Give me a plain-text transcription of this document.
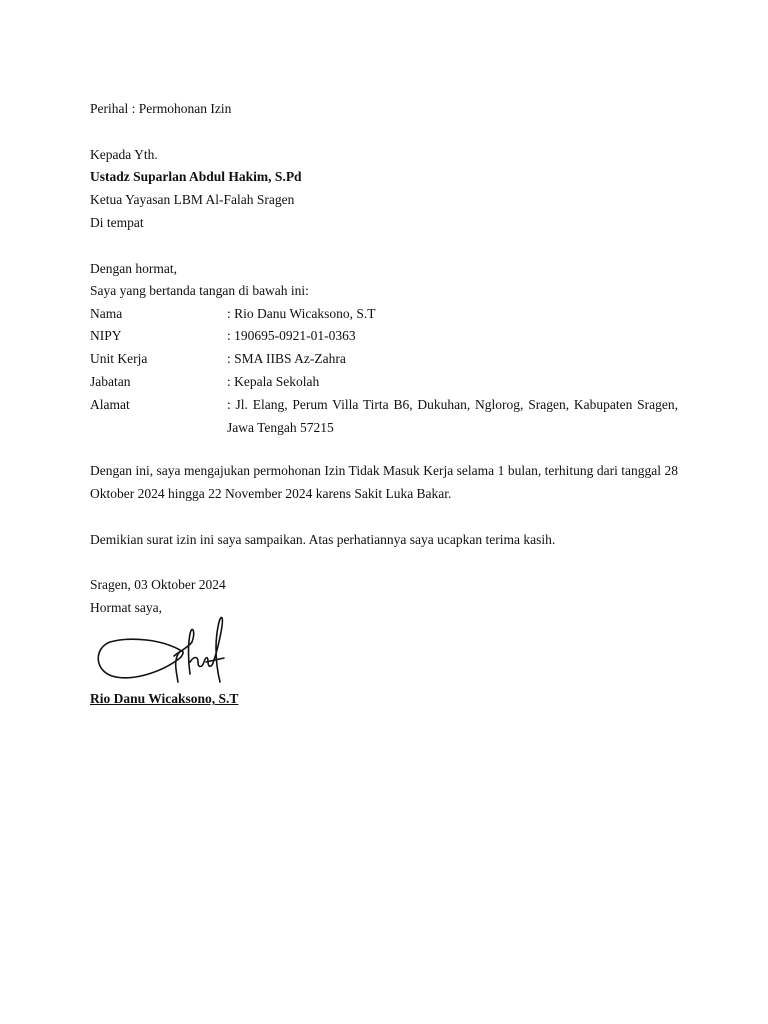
Perihal : Permohonan Izin
Kepada Yth.
Ustadz Suparlan Abdul Hakim, S.Pd
Ketua Yayasan LBM Al-Falah Sragen
Di tempat
Dengan hormat,
Saya yang bertanda tangan di bawah ini:
Nama	: Rio Danu Wicaksono, S.T
NIPY	: 190695-0921-01-0363
Unit Kerja	: SMA IIBS Az-Zahra
Jabatan	: Kepala Sekolah
Alamat	: Jl. Elang, Perum Villa Tirta B6, Dukuhan, Nglorog, Sragen, Kabupaten Sragen, Jawa Tengah 57215
Dengan ini, saya mengajukan permohonan Izin Tidak Masuk Kerja selama 1 bulan, terhitung dari tanggal 28 Oktober 2024 hingga 22 November 2024 karens Sakit Luka Bakar.
Demikian surat izin ini saya sampaikan. Atas perhatiannya saya ucapkan terima kasih.
Sragen, 03 Oktober 2024
Hormat saya,
Rio Danu Wicaksono, S.T
